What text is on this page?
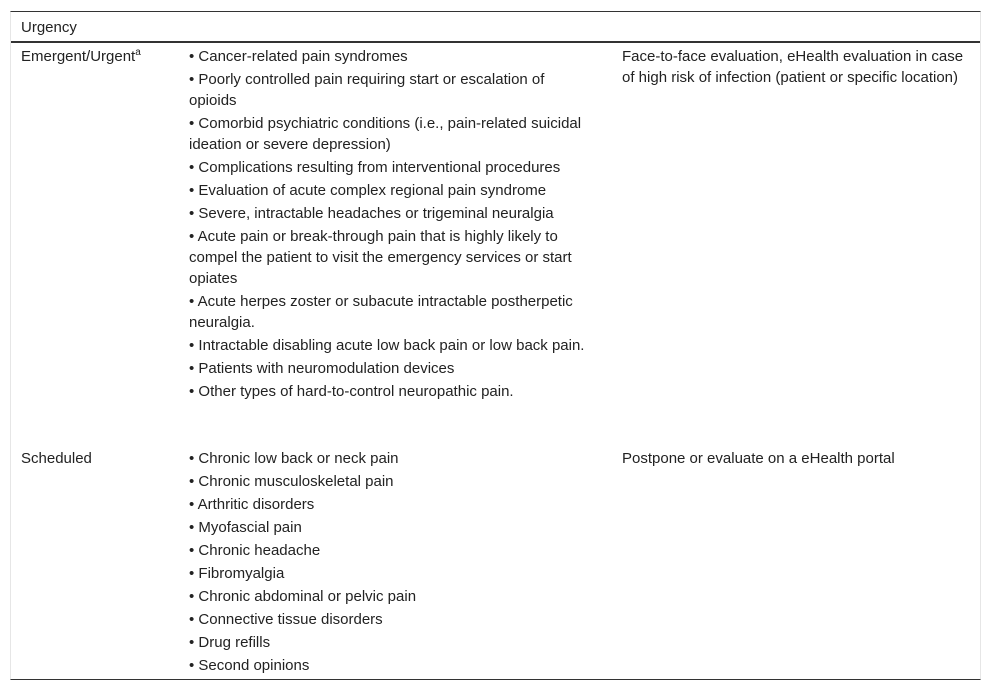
Urgency
Emergent/Urgent$^a$	• Cancer-related pain syndromes
• Poorly controlled pain requiring start or escalation of opioids
• Comorbid psychiatric conditions (i.e., pain-related suicidal ideation or severe depression)
• Complications resulting from interventional procedures
• Evaluation of acute complex regional pain syndrome
• Severe, intractable headaches or trigeminal neuralgia
• Acute pain or break-through pain that is highly likely to compel the patient to visit the emergency services or start opiates
• Acute herpes zoster or subacute intractable postherpetic neuralgia.
• Intractable disabling acute low back pain or low back pain.
• Patients with neuromodulation devices
• Other types of hard-to-control neuropathic pain.
Face-to-face evaluation, eHealth evaluation in case of high risk of infection (patient or specific location)
Scheduled	• Chronic low back or neck pain
• Chronic musculoskeletal pain
• Arthritic disorders
• Myofascial pain
• Chronic headache
• Fibromyalgia
• Chronic abdominal or pelvic pain
• Connective tissue disorders
• Drug refills
• Second opinions
Postpone or evaluate on a eHealth portal
